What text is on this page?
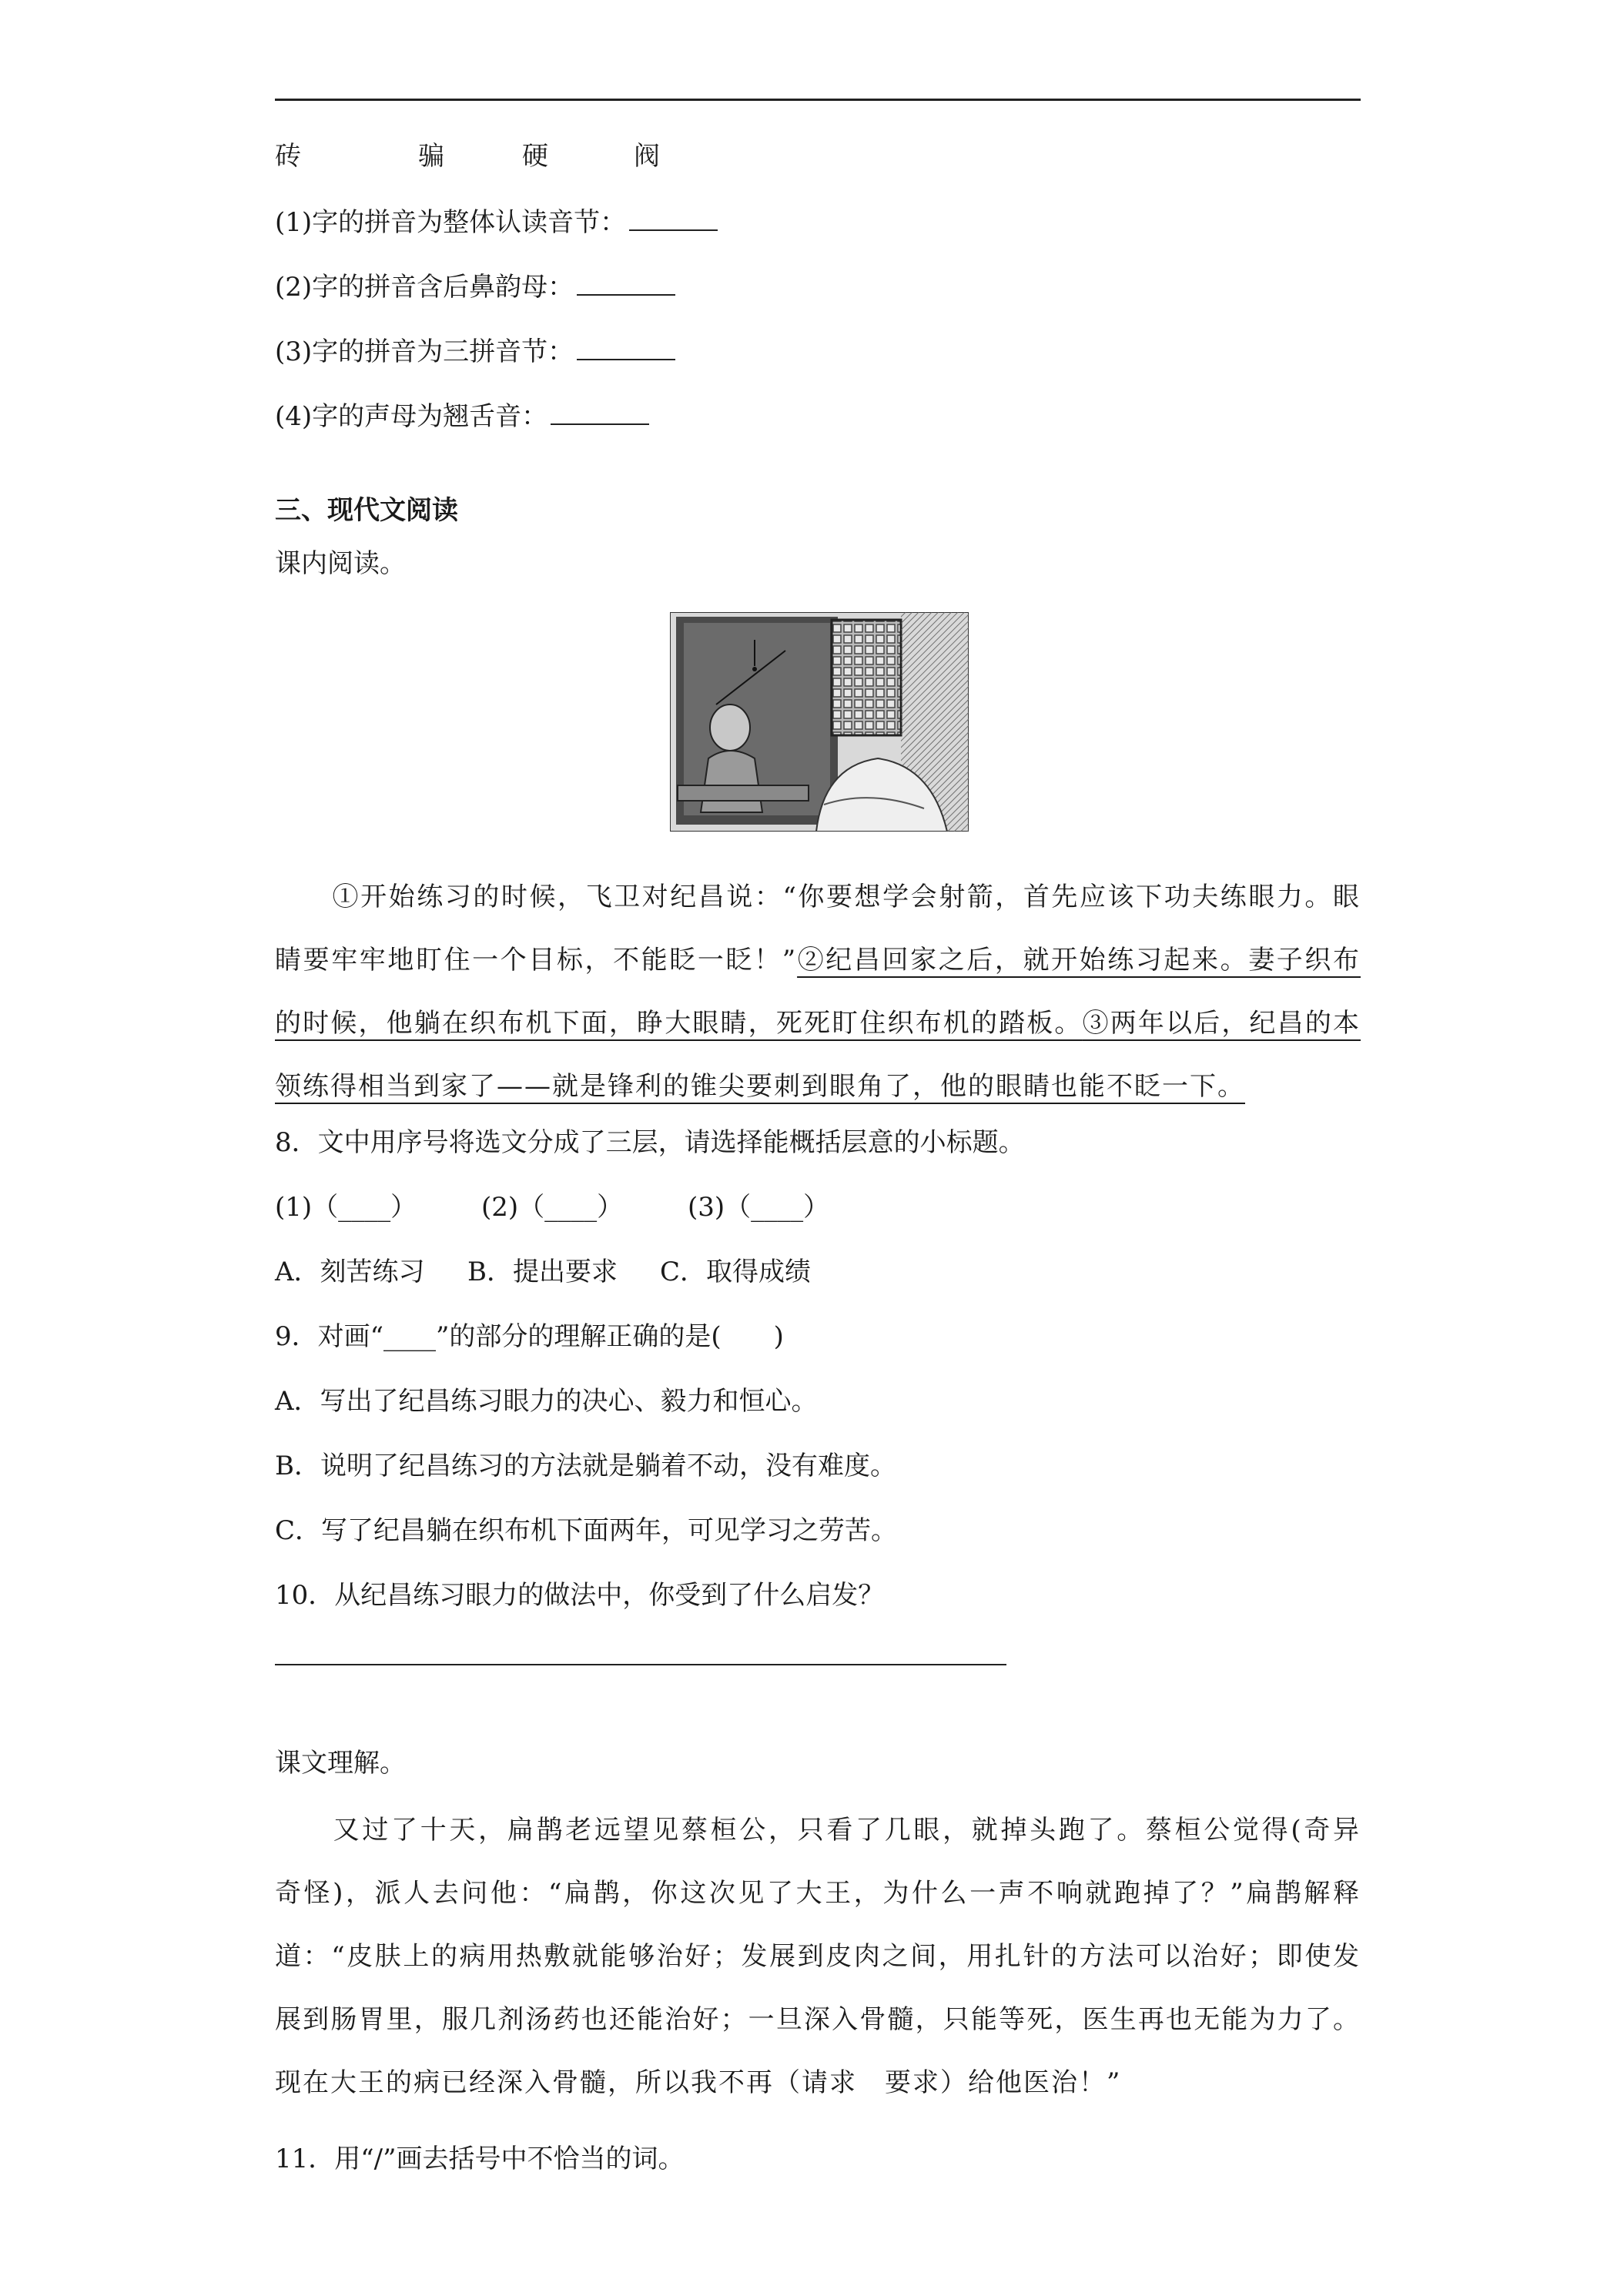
砖	骗	硬	阀
(1)字的拼音为整体认读音节：
(2)字的拼音含后鼻韵母：
(3)字的拼音为三拼音节：
(4)字的声母为翘舌音：
三、现代文阅读
课内阅读。
①开始练习的时候，飞卫对纪昌说：“你要想学会射箭，首先应该下功夫练眼力。眼睛要牢牢地盯住一个目标，不能眨一眨！”②纪昌回家之后，就开始练习起来。妻子织布的时候，他躺在织布机下面，睁大眼睛，死死盯住织布机的踏板。③两年以后，纪昌的本领练得相当到家了——就是锋利的锥尖要刺到眼角了，他的眼睛也能不眨一下。
8．文中用序号将选文分成了三层，请选择能概括层意的小标题。
(1)（____） (2)（____） (3)（____）
A．刻苦练习 B．提出要求 C．取得成绩
9．对画“____”的部分的理解正确的是(　　)
A．写出了纪昌练习眼力的决心、毅力和恒心。
B．说明了纪昌练习的方法就是躺着不动，没有难度。
C．写了纪昌躺在织布机下面两年，可见学习之劳苦。
10．从纪昌练习眼力的做法中，你受到了什么启发？
课文理解。
又过了十天，扁鹊老远望见蔡桓公，只看了几眼，就掉头跑了。蔡桓公觉得(奇异　奇怪)，派人去问他：“扁鹊，你这次见了大王，为什么一声不响就跑掉了？”扁鹊解释道：“皮肤上的病用热敷就能够治好；发展到皮肉之间，用扎针的方法可以治好；即使发展到肠胃里，服几剂汤药也还能治好；一旦深入骨髓，只能等死，医生再也无能为力了。现在大王的病已经深入骨髓，所以我不再（请求　要求）给他医治！”
11．用“/”画去括号中不恰当的词。
